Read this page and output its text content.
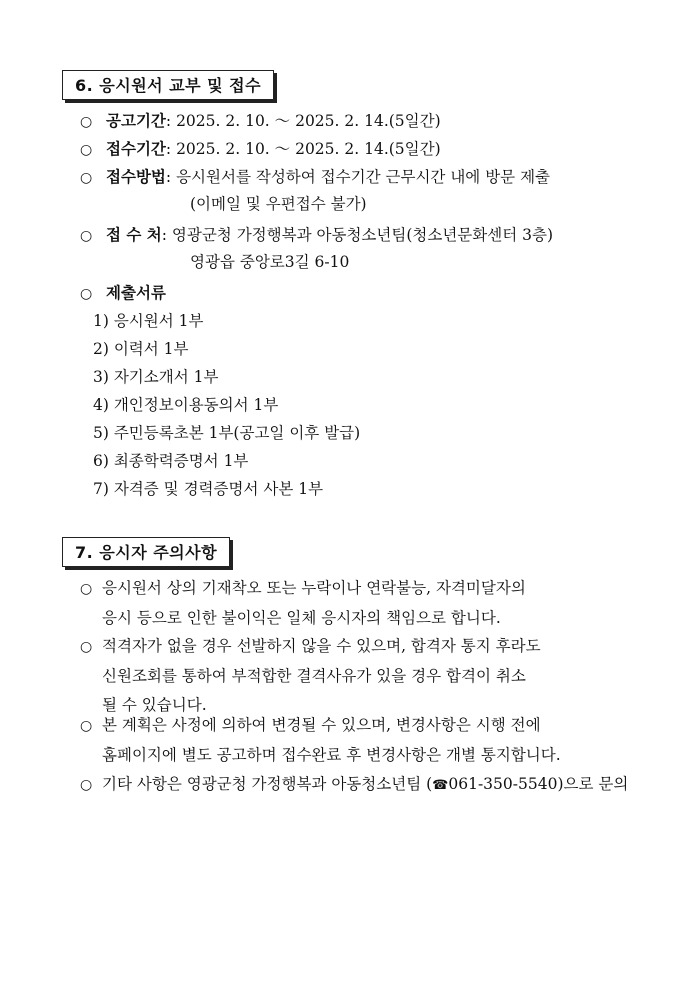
6. 응시원서 교부 및 접수
○ 공고기간: 2025. 2. 10. ～ 2025. 2. 14.(5일간)
○ 접수기간: 2025. 2. 10. ～ 2025. 2. 14.(5일간)
○ 접수방법: 응시원서를 작성하여 접수기간 근무시간 내에 방문 제출
(이메일 및 우편접수 불가)
○ 접 수 처: 영광군청 가정행복과 아동청소년팀(청소년문화센터 3층)
영광읍 중앙로3길 6-10
○ 제출서류
1) 응시원서 1부
2) 이력서 1부
3) 자기소개서 1부
4) 개인정보이용동의서 1부
5) 주민등록초본 1부(공고일 이후 발급)
6) 최종학력증명서 1부
7) 자격증 및 경력증명서 사본 1부
7. 응시자 주의사항
○ 응시원서 상의 기재착오 또는 누락이나 연락불능, 자격미달자의
응시 등으로 인한 불이익은 일체 응시자의 책임으로 합니다.
○ 적격자가 없을 경우 선발하지 않을 수 있으며, 합격자 통지 후라도
신원조회를 통하여 부적합한 결격사유가 있을 경우 합격이 취소
될 수 있습니다.
○ 본 계획은 사정에 의하여 변경될 수 있으며, 변경사항은 시행 전에
홈페이지에 별도 공고하며 접수완료 후 변경사항은 개별 통지합니다.
○ 기타 사항은 영광군청 가정행복과 아동청소년팀 (☎061-350-5540)으로 문의
